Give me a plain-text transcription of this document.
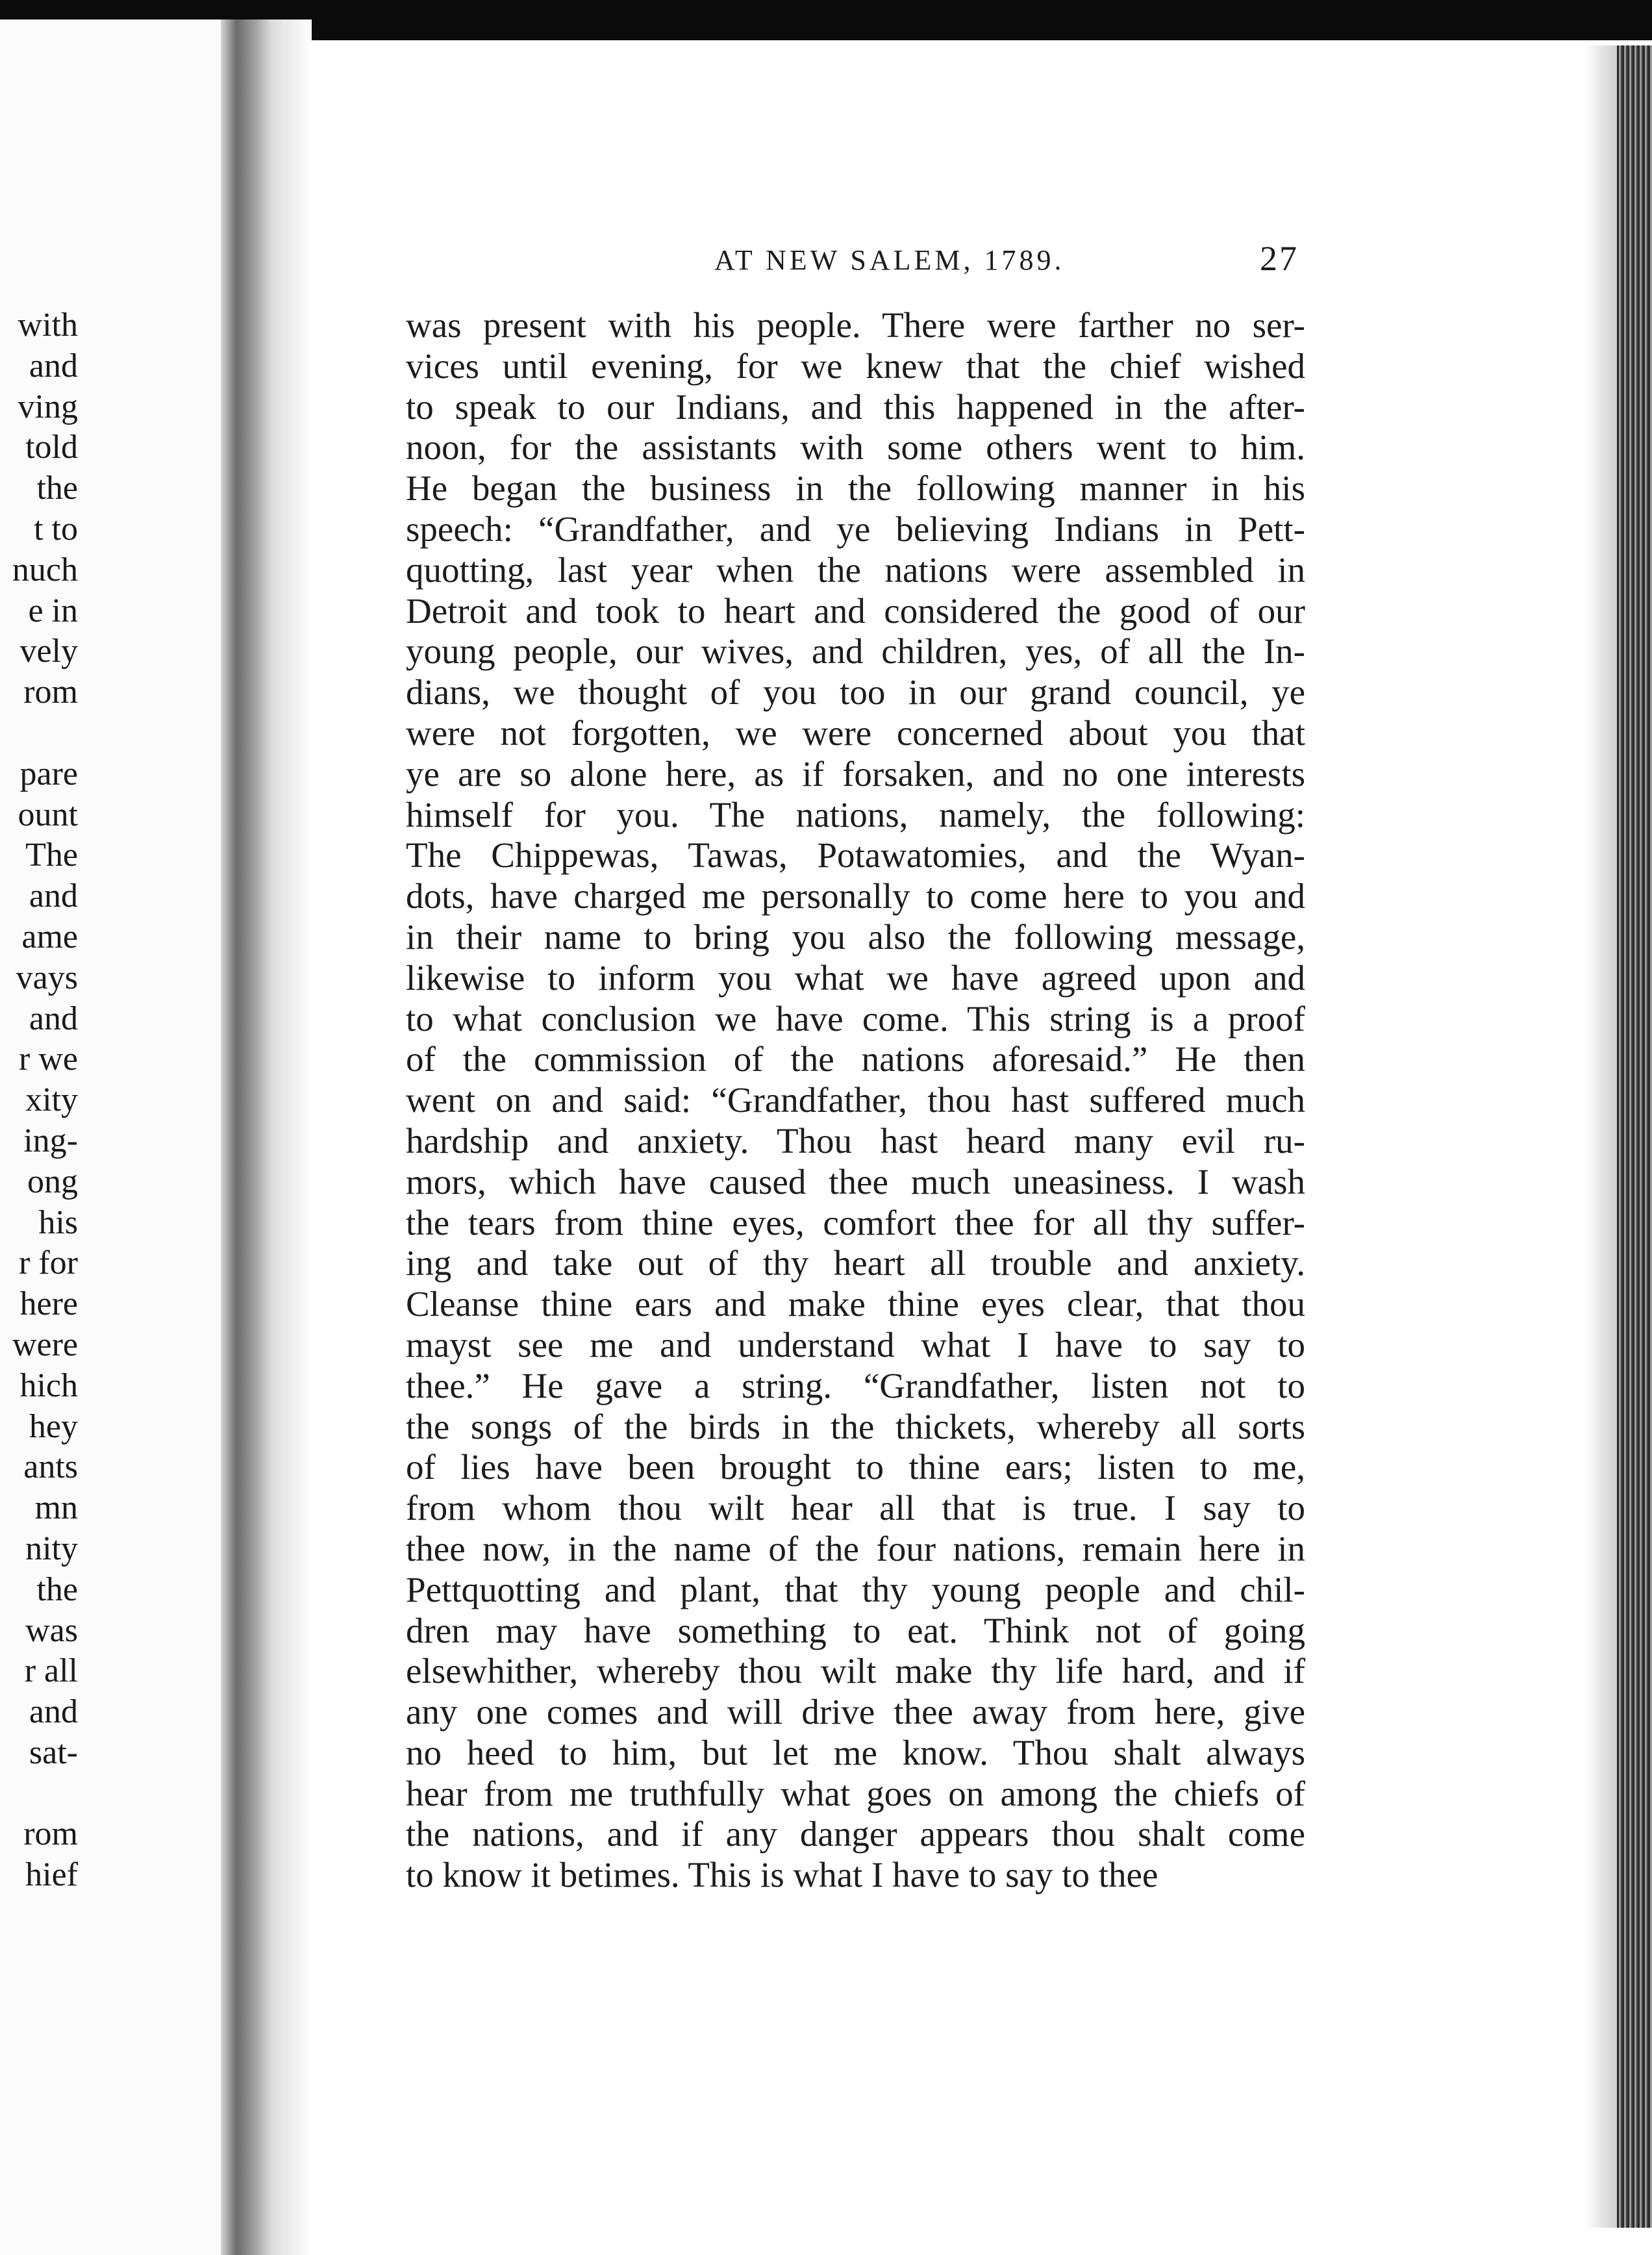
with
and
ving
told
the
t to
nuch
e in
vely
rom
pare
ount
The
and
ame
vays
and
r we
xity
ing-
ong
his
r for
here
were
hich
hey
ants
mn
nity
the
was
r all
and
sat-
rom
hief
AT NEW SALEM, 1789.	27
was present with his people. There were farther no ser-
vices until evening, for we knew that the chief wished
to speak to our Indians, and this happened in the after-
noon, for the assistants with some others went to him.
He began the business in the following manner in his
speech: “Grandfather, and ye believing Indians in Pett-
quotting, last year when the nations were assembled in
Detroit and took to heart and considered the good of our
young people, our wives, and children, yes, of all the In-
dians, we thought of you too in our grand council, ye
were not forgotten, we were concerned about you that
ye are so alone here, as if forsaken, and no one interests
himself for you. The nations, namely, the following:
The Chippewas, Tawas, Potawatomies, and the Wyan-
dots, have charged me personally to come here to you and
in their name to bring you also the following message,
likewise to inform you what we have agreed upon and
to what conclusion we have come. This string is a proof
of the commission of the nations aforesaid.” He then
went on and said: “Grandfather, thou hast suffered much
hardship and anxiety. Thou hast heard many evil ru-
mors, which have caused thee much uneasiness. I wash
the tears from thine eyes, comfort thee for all thy suffer-
ing and take out of thy heart all trouble and anxiety.
Cleanse thine ears and make thine eyes clear, that thou
mayst see me and understand what I have to say to
thee.” He gave a string. “Grandfather, listen not to
the songs of the birds in the thickets, whereby all sorts
of lies have been brought to thine ears; listen to me,
from whom thou wilt hear all that is true. I say to
thee now, in the name of the four nations, remain here in
Pettquotting and plant, that thy young people and chil-
dren may have something to eat. Think not of going
elsewhither, whereby thou wilt make thy life hard, and if
any one comes and will drive thee away from here, give
no heed to him, but let me know. Thou shalt always
hear from me truthfully what goes on among the chiefs of
the nations, and if any danger appears thou shalt come
to know it betimes. This is what I have to say to thee
